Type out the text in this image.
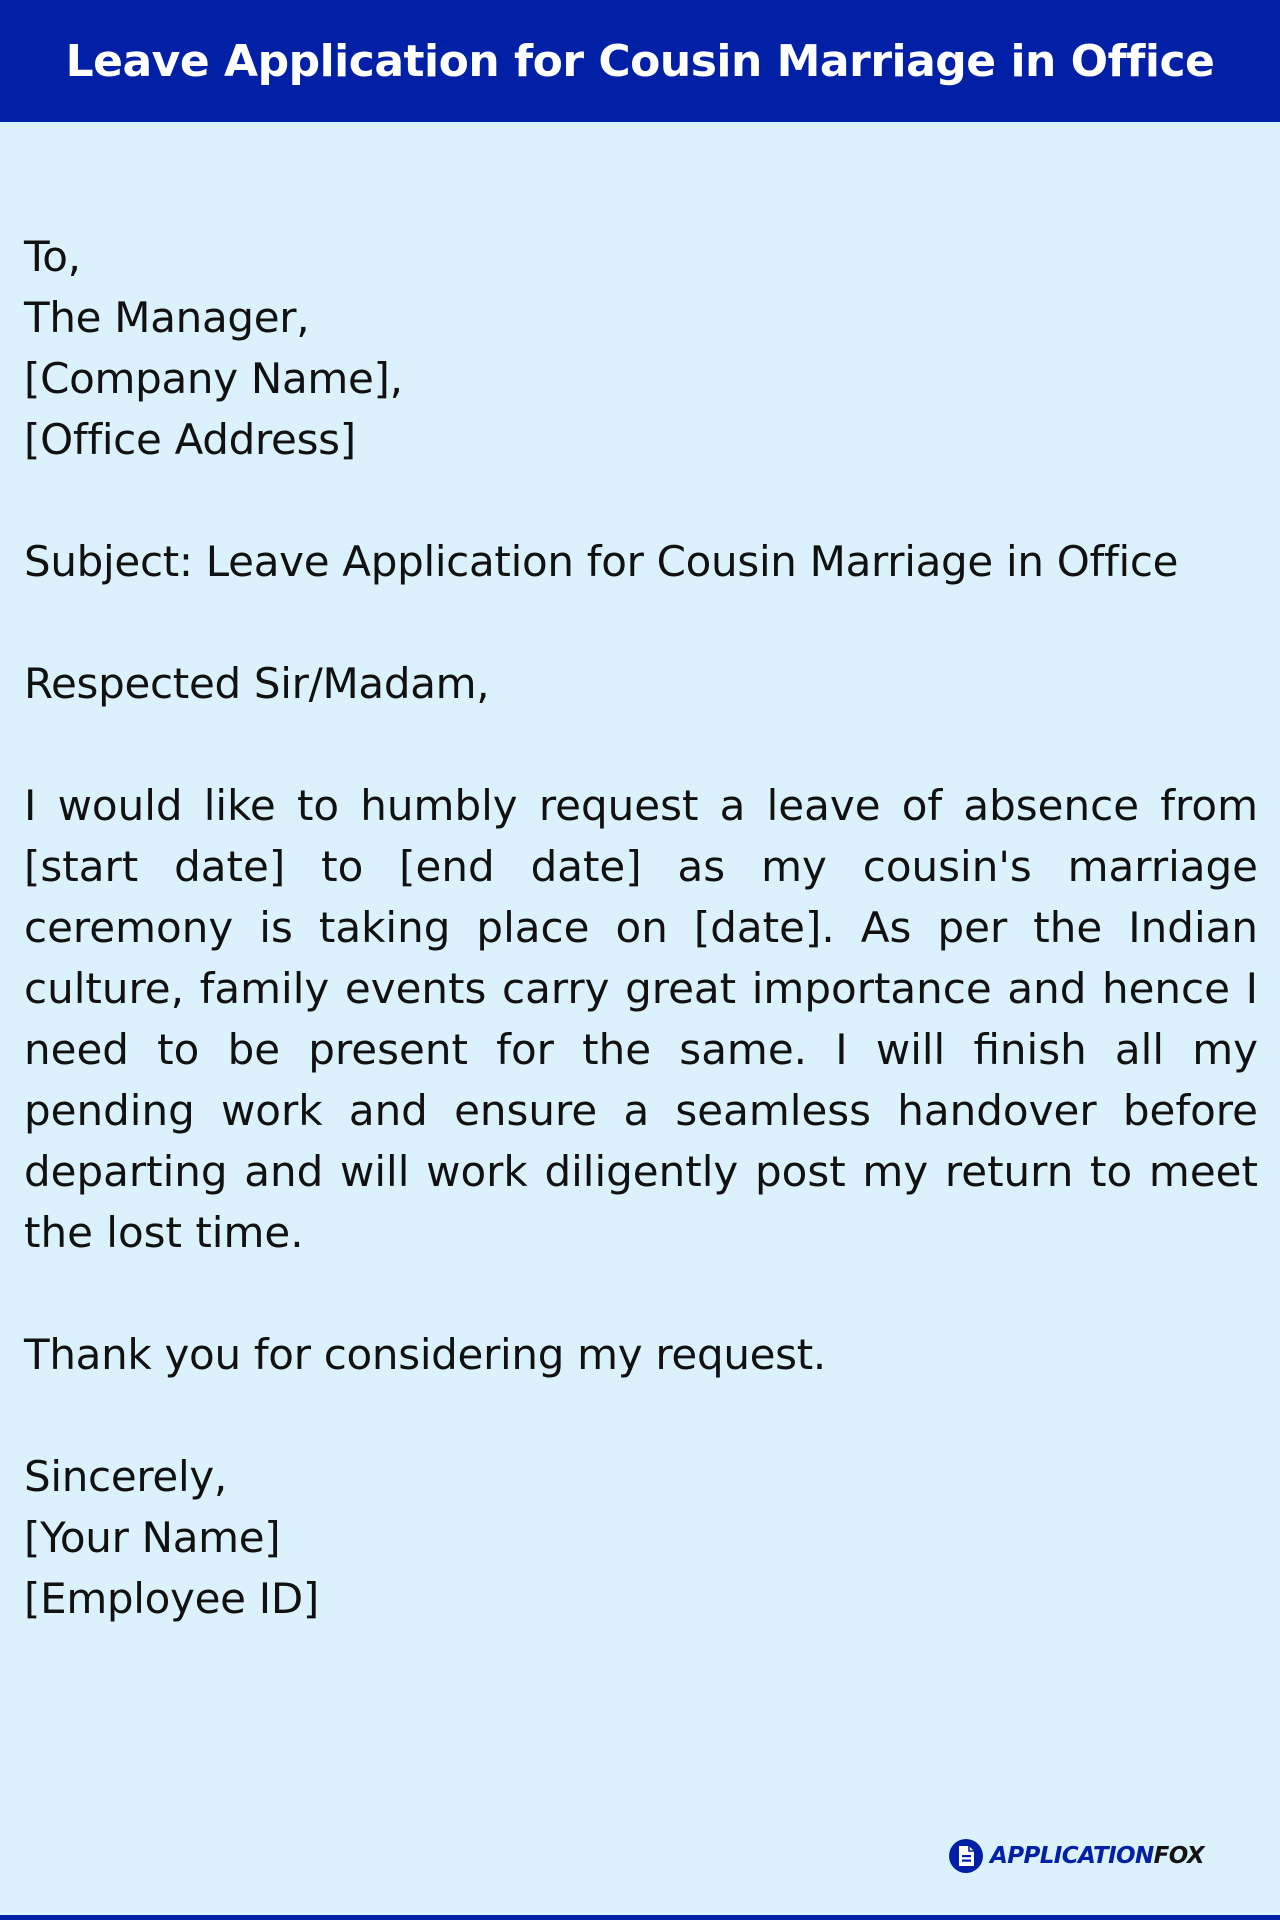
Leave Application for Cousin Marriage in Office
To,
The Manager,
[Company Name],
[Office Address]
Subject: Leave Application for Cousin Marriage in Office
Respected Sir/Madam,
I would like to humbly request a leave of absence from [start date] to [end date] as my cousin's marriage ceremony is taking place on [date]. As per the Indian culture, family events carry great importance and hence I need to be present for the same. I will finish all my pending work and ensure a seamless handover before departing and will work diligently post my return to meet the lost time.
Thank you for considering my request.
Sincerely,
[Your Name]
[Employee ID]
APPLICATIONFOX
